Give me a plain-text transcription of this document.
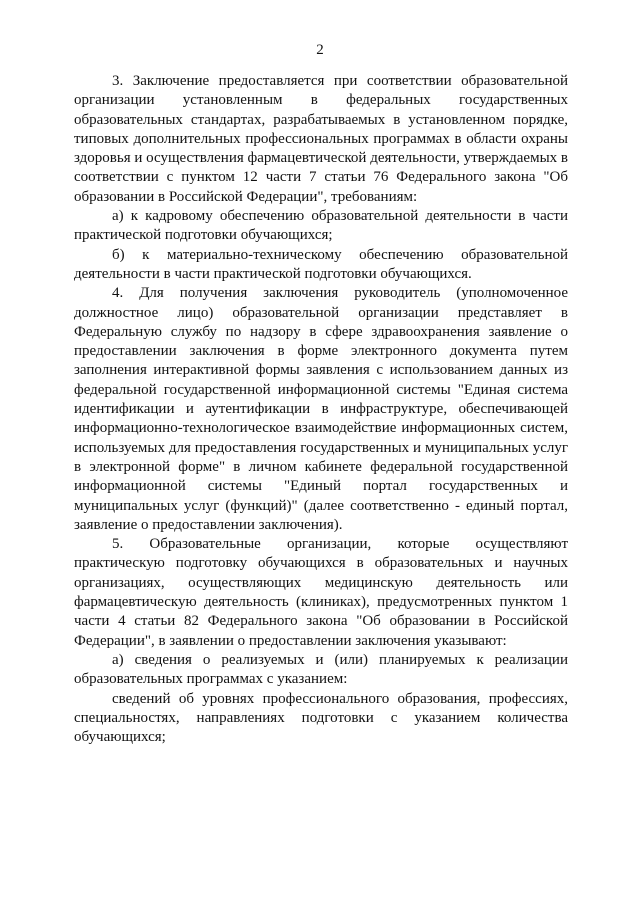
2

3. Заключение предоставляется при соответствии образовательной организации установленным в федеральных государственных образовательных стандартах, разрабатываемых в установленном порядке, типовых дополнительных профессиональных программах в области охраны здоровья и осуществления фармацевтической деятельности, утверждаемых в соответствии с пунктом 12 части 7 статьи 76 Федерального закона "Об образовании в Российской Федерации", требованиям:

а) к кадровому обеспечению образовательной деятельности в части практической подготовки обучающихся;

б) к материально-техническому обеспечению образовательной деятельности в части практической подготовки обучающихся.

4. Для получения заключения руководитель (уполномоченное должностное лицо) образовательной организации представляет в Федеральную службу по надзору в сфере здравоохранения заявление о предоставлении заключения в форме электронного документа путем заполнения интерактивной формы заявления с использованием данных из федеральной государственной информационной системы "Единая система идентификации и аутентификации в инфраструктуре, обеспечивающей информационно-технологическое взаимодействие информационных систем, используемых для предоставления государственных и муниципальных услуг в электронной форме" в личном кабинете федеральной государственной информационной системы "Единый портал государственных и муниципальных услуг (функций)" (далее соответственно - единый портал, заявление о предоставлении заключения).

5. Образовательные организации, которые осуществляют практическую подготовку обучающихся в образовательных и научных организациях, осуществляющих медицинскую деятельность или фармацевтическую деятельность (клиниках), предусмотренных пунктом 1 части 4 статьи 82 Федерального закона "Об образовании в Российской Федерации", в заявлении о предоставлении заключения указывают:

а) сведения о реализуемых и (или) планируемых к реализации образовательных программах с указанием:

сведений об уровнях профессионального образования, профессиях, специальностях, направлениях подготовки с указанием количества обучающихся;
